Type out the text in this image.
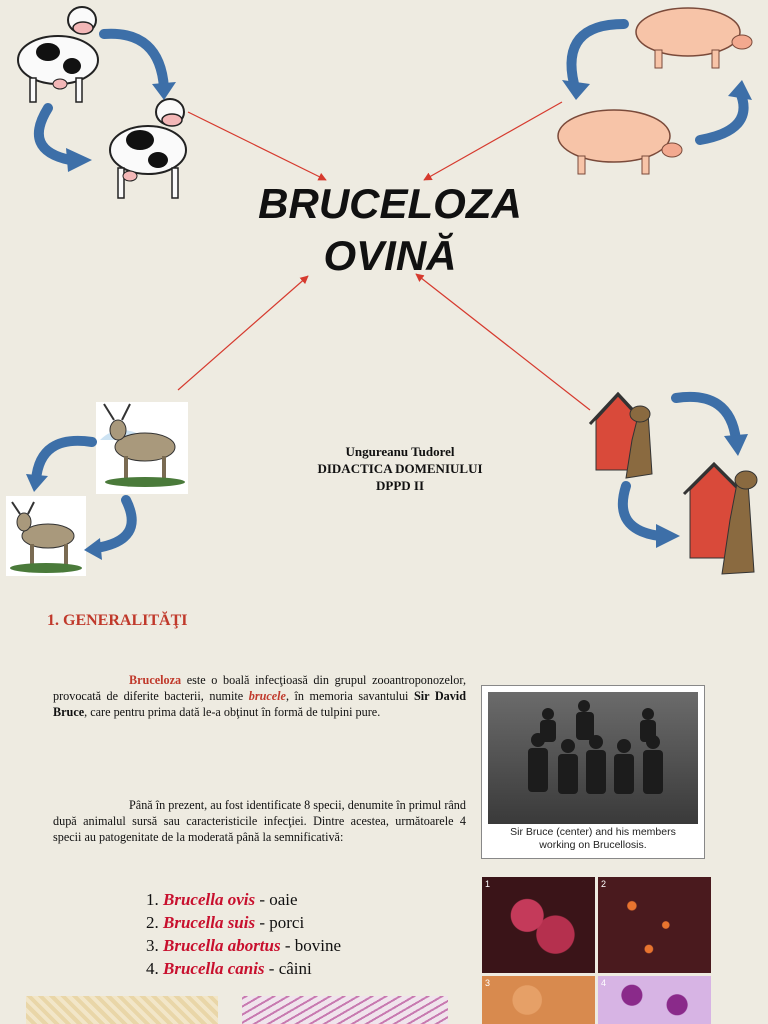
BRUCELOZA
OVINĂ
Ungureanu Tudorel
DIDACTICA DOMENIULUI
DPPD II
1. GENERALITĂŢI
Bruceloza este o boală infecţioasă din grupul zooantroponozelor, provocată de diferite bacterii, numite brucele, în memoria savantului Sir David Bruce, care pentru prima dată le-a obţinut în formă de tulpini pure.
Până în prezent, au fost identificate 8 specii, denumite în primul rând după animalul sursă sau caracteristicile infecţiei. Dintre acestea, următoarele 4 specii au patogenitate de la moderată până la semnificativă:
1. Brucella ovis - oaie
2. Brucella suis - porci
3. Brucella abortus - bovine
4. Brucella canis - câini
Sir Bruce (center) and his members
working on Brucellosis.
1	2
3	4
